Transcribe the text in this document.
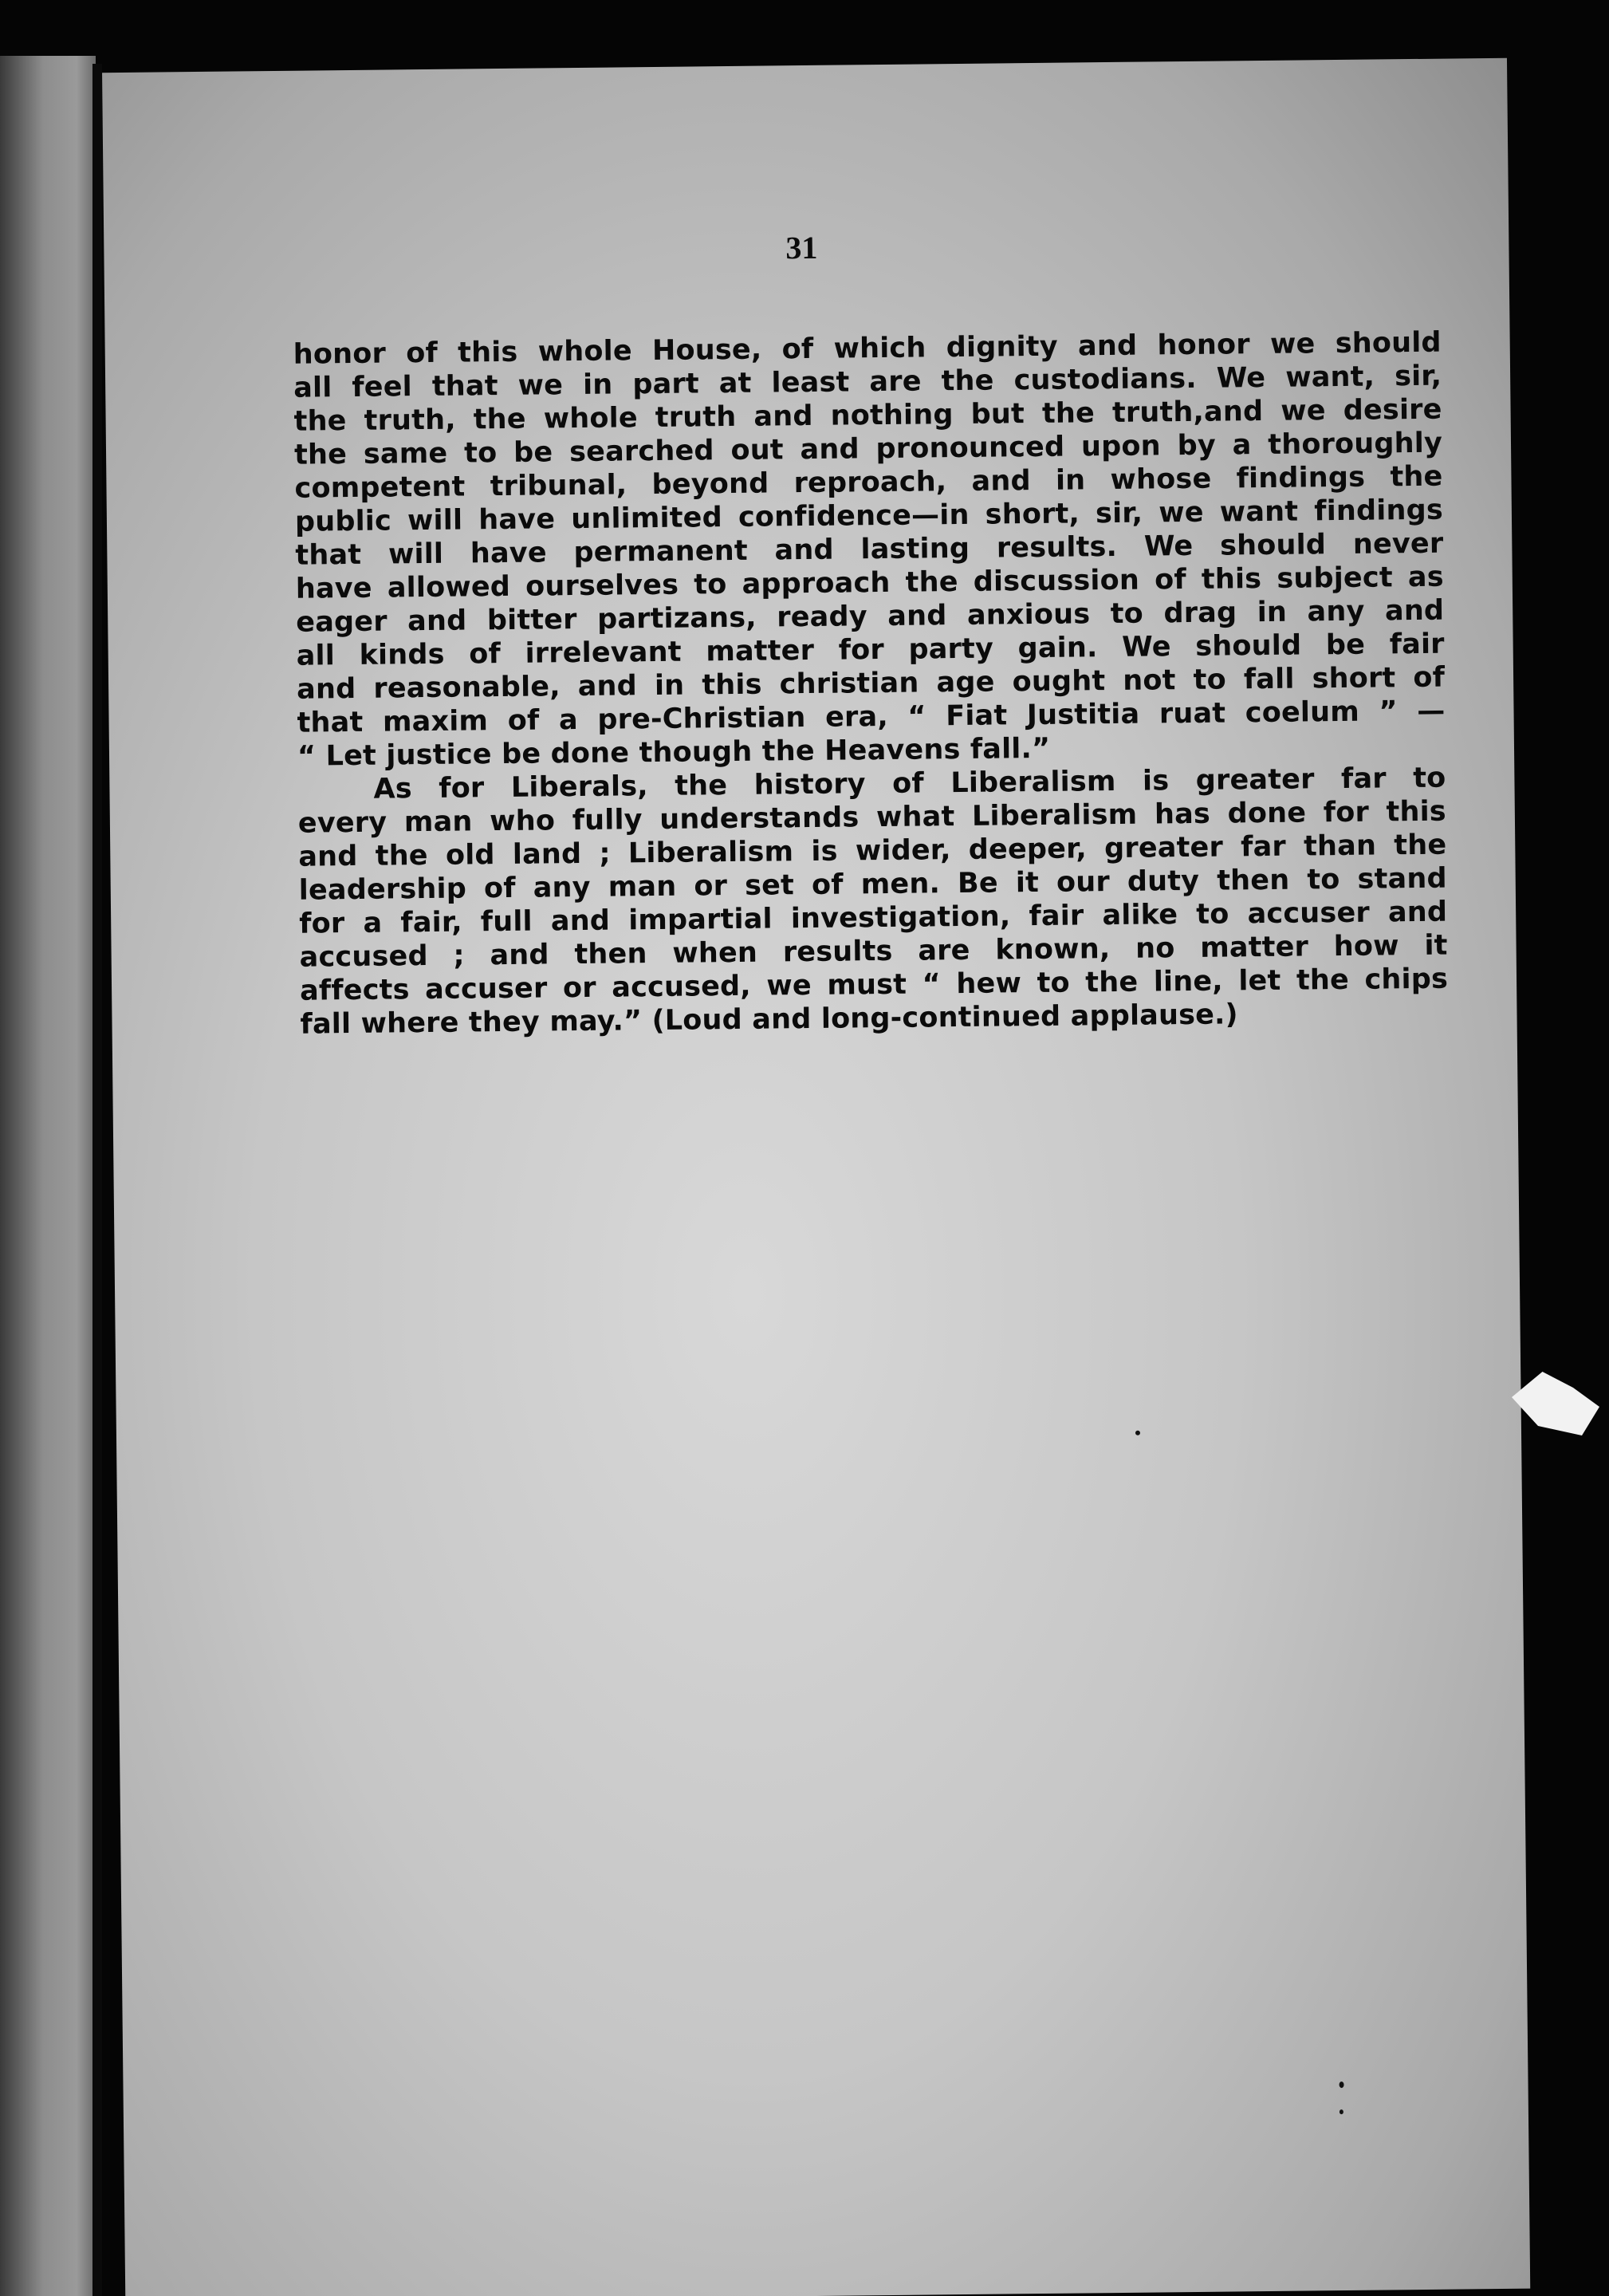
31
honor of this whole House, of which dignity and honor we should
all feel that we in part at least are the custodians. We want, sir,
the truth, the whole truth and nothing but the truth,and we desire
the same to be searched out and pronounced upon by a thoroughly
competent tribunal, beyond reproach, and in whose findings the
public will have unlimited confidence—in short, sir, we want findings
that will have permanent and lasting results. We should never
have allowed ourselves to approach the discussion of this subject as
eager and bitter partizans, ready and anxious to drag in any and
all kinds of irrelevant matter for party gain. We should be fair
and reasonable, and in this christian age ought not to fall short of
that maxim of a pre-Christian era, “ Fiat Justitia ruat coelum ” —
“ Let justice be done though the Heavens fall.”
As for Liberals, the history of Liberalism is greater far to
every man who fully understands what Liberalism has done for this
and the old land ; Liberalism is wider, deeper, greater far than the
leadership of any man or set of men. Be it our duty then to stand
for a fair, full and impartial investigation, fair alike to accuser and
accused ; and then when results are known, no matter how it
affects accuser or accused, we must “ hew to the line, let the chips
fall where they may.” (Loud and long-continued applause.)
